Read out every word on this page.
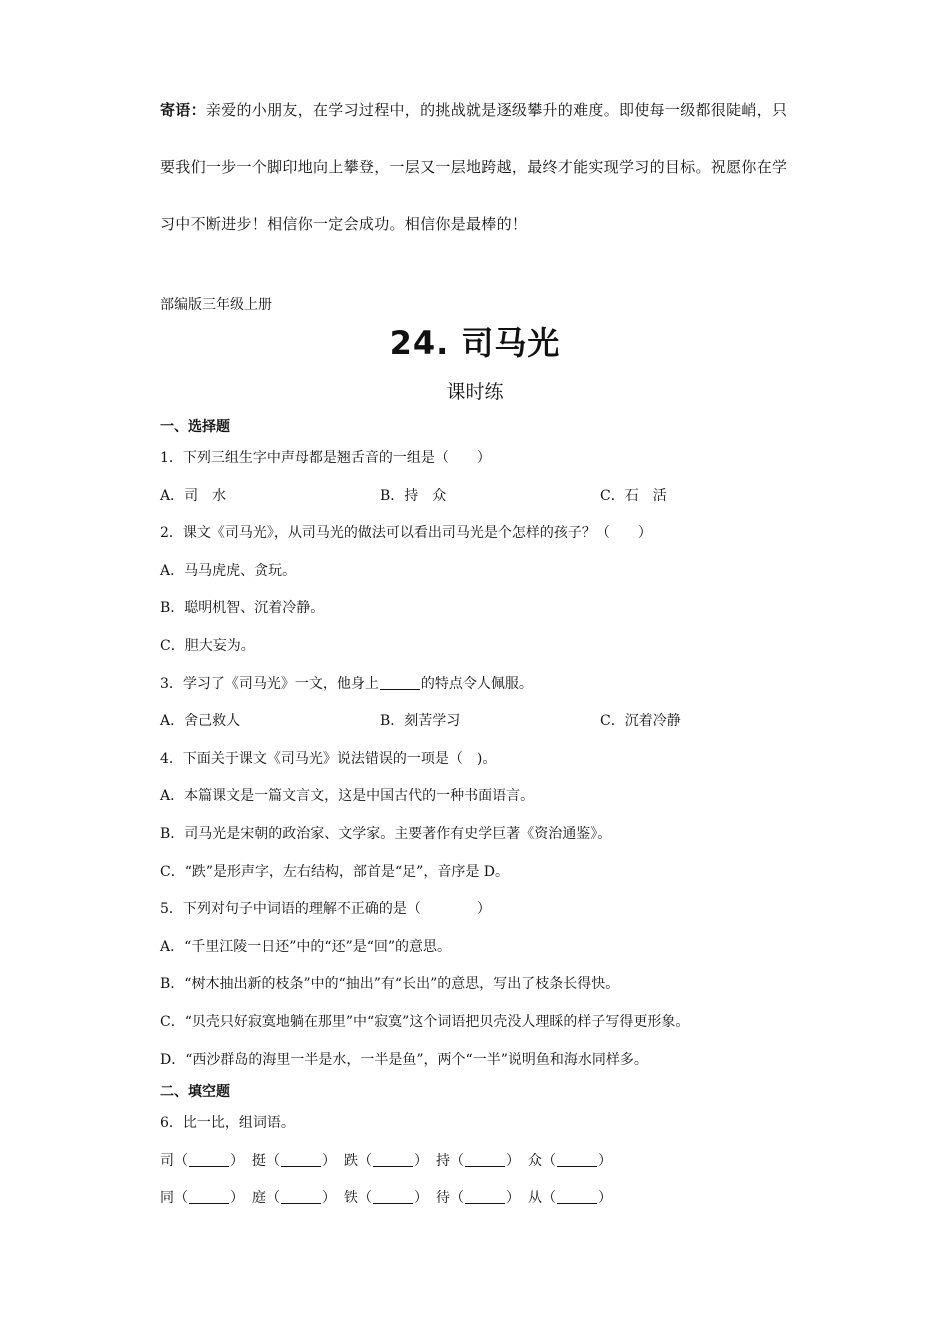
寄语：亲爱的小朋友，在学习过程中，的挑战就是逐级攀升的难度。即使每一级都很陡峭，只要我们一步一个脚印地向上攀登，一层又一层地跨越，最终才能实现学习的目标。祝愿你在学习中不断进步！相信你一定会成功。相信你是最棒的！
部编版三年级上册
24. 司马光
课时练
一、选择题
1．下列三组生字中声母都是翘舌音的一组是（　　）
A．司　水	B．持　众	C．石　活
2．课文《司马光》，从司马光的做法可以看出司马光是个怎样的孩子？（　　）
A．马马虎虎、贪玩。
B．聪明机智、沉着冷静。
C．胆大妄为。
3．学习了《司马光》一文，他身上	的特点令人佩服。
A．舍己救人	B．刻苦学习	C．沉着冷静
4．下面关于课文《司马光》说法错误的一项是（　)。
A．本篇课文是一篇文言文，这是中国古代的一种书面语言。
B．司马光是宋朝的政治家、文学家。主要著作有史学巨著《资治通鉴》。
C．“跌”是形声字，左右结构，部首是“足”，音序是 D。
5．下列对句子中词语的理解不正确的是（　　　　）
A．“千里江陵一日还”中的“还”是“回”的意思。
B．“树木抽出新的枝条”中的“抽出”有“长出”的意思，写出了枝条长得快。
C．“贝壳只好寂寞地躺在那里”中“寂寞”这个词语把贝壳没人理睬的样子写得更形象。
D．“西沙群岛的海里一半是水，一半是鱼”，两个“一半”说明鱼和海水同样多。
二、填空题
6．比一比，组词语。
司（	） 挺（	） 跌（	） 持（	） 众（	）
同（	） 庭（	） 铁（	） 待（	） 从（	）
